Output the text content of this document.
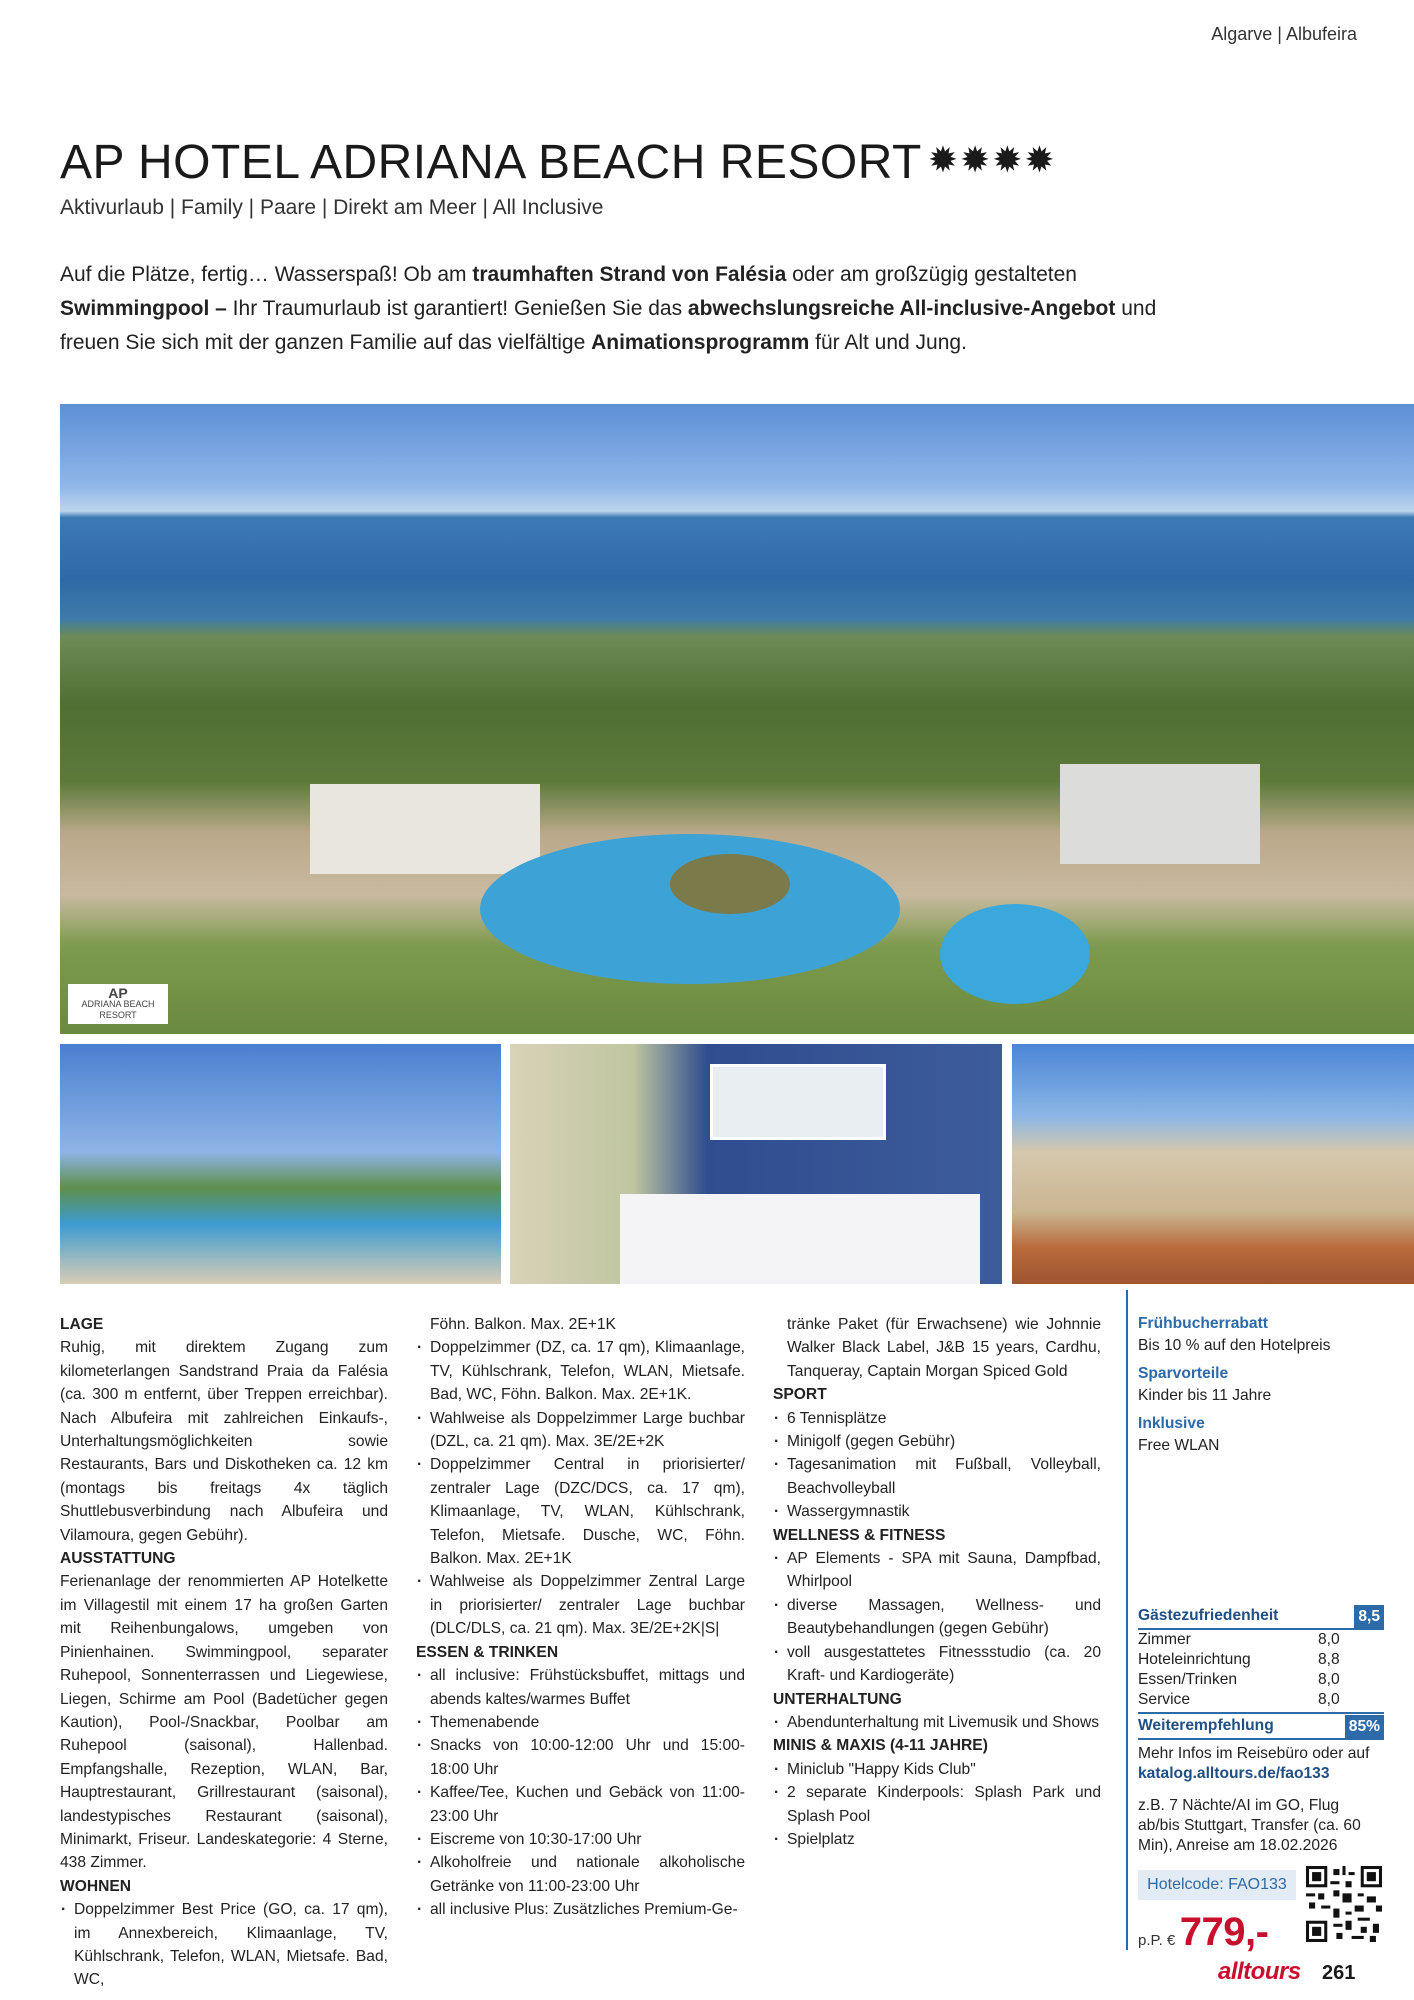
Algarve | Albufeira
AP HOTEL ADRIANA BEACH RESORT ✹✹✹✹
Aktivurlaub | Family | Paare | Direkt am Meer | All Inclusive
Auf die Plätze, fertig… Wasserspaß! Ob am traumhaften Strand von Falésia oder am großzügig gestalteten Swimmingpool – Ihr Traumurlaub ist garantiert! Genießen Sie das abwechslungsreiche All-inclusive-Angebot und freuen Sie sich mit der ganzen Familie auf das vielfältige Animationsprogramm für Alt und Jung.
AP
ADRIANA BEACH RESORT

LAGE

Ruhig, mit direktem Zugang zum kilometerlangen Sandstrand Praia da Falésia (ca. 300 m entfernt, über Treppen erreichbar). Nach Albufeira mit zahlreichen Einkaufs-, Unterhaltungsmöglichkeiten sowie Restaurants, Bars und Diskotheken ca. 12 km (montags bis freitags 4x täglich Shuttlebusverbindung nach Albufeira und Vilamoura, gegen Gebühr).

AUSSTATTUNG

Ferienanlage der renommierten AP Hotelkette im Villagestil mit einem 17 ha großen Garten mit Reihenbungalows, umgeben von Pinienhainen. Swimmingpool, separater Ruhepool, Sonnenterrassen und Liegewiese, Liegen, Schirme am Pool (Badetücher gegen Kaution), Pool-/Snackbar, Poolbar am Ruhepool (saisonal), Hallenbad. Empfangshalle, Rezeption, WLAN, Bar, Hauptrestaurant, Grillrestaurant (saisonal), landestypisches Restaurant (saisonal), Minimarkt, Friseur. Landeskategorie: 4 Sterne, 438 Zimmer.

WOHNEN

· Doppelzimmer Best Price (GO, ca. 17 qm), im Annexbereich, Klimaanlage, TV, Kühlschrank, Telefon, WLAN, Mietsafe. Bad, WC,

Föhn. Balkon. Max. 2E+1K

· Doppelzimmer (DZ, ca. 17 qm), Klimaanlage, TV, Kühlschrank, Telefon, WLAN, Mietsafe. Bad, WC, Föhn. Balkon. Max. 2E+1K.
· Wahlweise als Doppelzimmer Large buchbar (DZL, ca. 21 qm). Max. 3E/2E+2K
· Doppelzimmer Central in priorisierter/ zentraler Lage (DZC/DCS, ca. 17 qm), Klimaanlage, TV, WLAN, Kühlschrank, Telefon, Mietsafe. Dusche, WC, Föhn. Balkon. Max. 2E+1K
· Wahlweise als Doppelzimmer Zentral Large in priorisierter/ zentraler Lage buchbar (DLC/DLS, ca. 21 qm). Max. 3E/2E+2K|S|

ESSEN & TRINKEN

· all inclusive: Frühstücksbuffet, mittags und abends kaltes/warmes Buffet
· Themenabende
· Snacks von 10:00-12:00 Uhr und 15:00-18:00 Uhr
· Kaffee/Tee, Kuchen und Gebäck von 11:00-23:00 Uhr
· Eiscreme von 10:30-17:00 Uhr
· Alkoholfreie und nationale alkoholische Getränke von 11:00-23:00 Uhr
· all inclusive Plus: Zusätzliches Premium-Ge-

tränke Paket (für Erwachsene) wie Johnnie Walker Black Label, J&B 15 years, Cardhu, Tanqueray, Captain Morgan Spiced Gold

SPORT

· 6 Tennisplätze
· Minigolf (gegen Gebühr)
· Tagesanimation mit Fußball, Volleyball, Beachvolleyball
· Wassergymnastik

WELLNESS & FITNESS

· AP Elements - SPA mit Sauna, Dampfbad, Whirlpool
· diverse Massagen, Wellness- und Beautybehandlungen (gegen Gebühr)
· voll ausgestattetes Fitnessstudio (ca. 20 Kraft- und Kardiogeräte)

UNTERHALTUNG

· Abendunterhaltung mit Livemusik und Shows

MINIS & MAXIS (4-11 JAHRE)

· Miniclub "Happy Kids Club"
· 2 separate Kinderpools: Splash Park und Splash Pool
· Spielplatz
Frühbucherrabatt
Bis 10 % auf den Hotelpreis
Sparvorteile
Kinder bis 11 Jahre
Inklusive
Free WLAN
Gästezufriedenheit	8,5
Zimmer	8,0
Hoteleinrichtung	8,8
Essen/Trinken	8,0
Service	8,0
Weiterempfehlung	85%
Mehr Infos im Reisebüro oder auf
katalog.alltours.de/fao133
z.B. 7 Nächte/AI im GO, Flug ab/bis Stuttgart, Transfer (ca. 60 Min), Anreise am 18.02.2026
Hotelcode: FAO133
p.P. € 779,-
alltours 261
